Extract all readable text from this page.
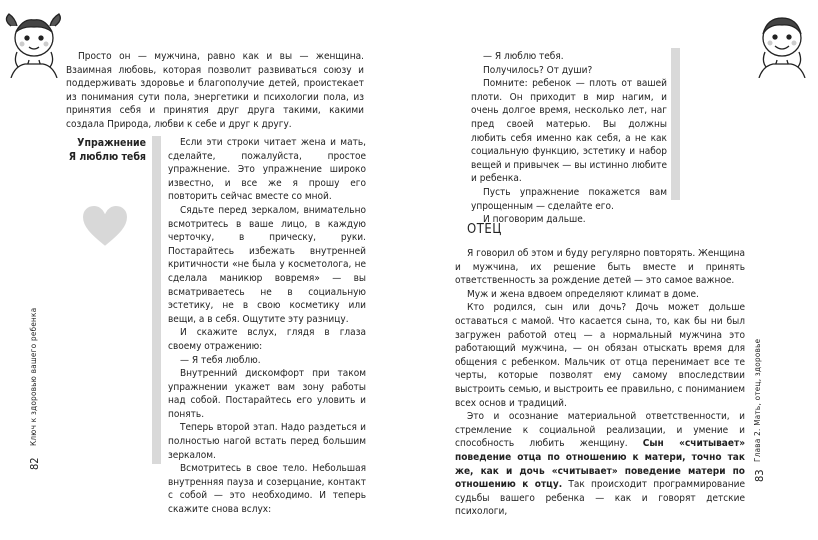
Просто он — мужчина, равно как и вы — женщина. Взаимная любовь, которая позволит развиваться союзу и поддерживать здоровье и благополучие детей, проистекает из понимания сути пола, энергетики и психологии пола, из принятия себя и принятия друг друга такими, какими создала Природа, любви к себе и друг к другу.

Упражнение
Я люблю тебя

Если эти строки читает жена и мать, сделайте, пожалуйста, простое упражнение. Это упражнение широко известно, и все же я прошу его повторить сейчас вместе со мной.

Сядьте перед зеркалом, внимательно всмотритесь в ваше лицо, в каждую черточку, в прическу, руки. Постарайтесь избежать внутренней критичности «не была у косметолога, не сделала маникюр вовремя» — вы всматриваетесь не в социальную эстетику, не в свою косметику или вещи, а в себя. Ощутите эту разницу.

И скажите вслух, глядя в глаза своему отражению:

— Я тебя люблю.

Внутренний дискомфорт при таком упражнении укажет вам зону работы над собой. Постарайтесь его уловить и понять.

Теперь второй этап. Надо раздеться и полностью нагой встать перед большим зеркалом.

Всмотритесь в свое тело. Небольшая внутренняя пауза и созерцание, контакт с собой — это необходимо. И теперь скажите снова вслух:

Ключ к здоровью вашего ребенка
82

— Я люблю тебя.

Получилось? От души?

Помните: ребенок — плоть от вашей плоти. Он приходит в мир нагим, и очень долгое время, несколько лет, наг пред своей матерью. Вы должны любить себя именно как себя, а не как социальную функцию, эстетику и набор вещей и привычек — вы истинно любите и ребенка.

Пусть упражнение покажется вам упрощенным — сделайте его.

И поговорим дальше.

ОТЕЦ

Я говорил об этом и буду регулярно повторять. Женщина и мужчина, их решение быть вместе и принять ответственность за рождение детей — это самое важное.

Муж и жена вдвоем определяют климат в доме.

Кто родился, сын или дочь? Дочь может дольше оставаться с мамой. Что касается сына, то, как бы ни был загружен работой отец — а нормальный мужчина это работающий мужчина, — он обязан отыскать время для общения с ребенком. Мальчик от отца перенимает все те черты, которые позволят ему самому впоследствии выстроить семью, и выстроить ее правильно, с пониманием всех основ и традиций.

Это и осознание материальной ответственности, и стремление к социальной реализации, и умение и способность любить женщину. Сын «считывает» поведение отца по отношению к матери, точно так же, как и дочь «считывает» поведение матери по отношению к отцу. Так происходит программирование судьбы вашего ребенка — как и говорят детские психологи,

Глава 2. Мать, отец, здоровье
83
